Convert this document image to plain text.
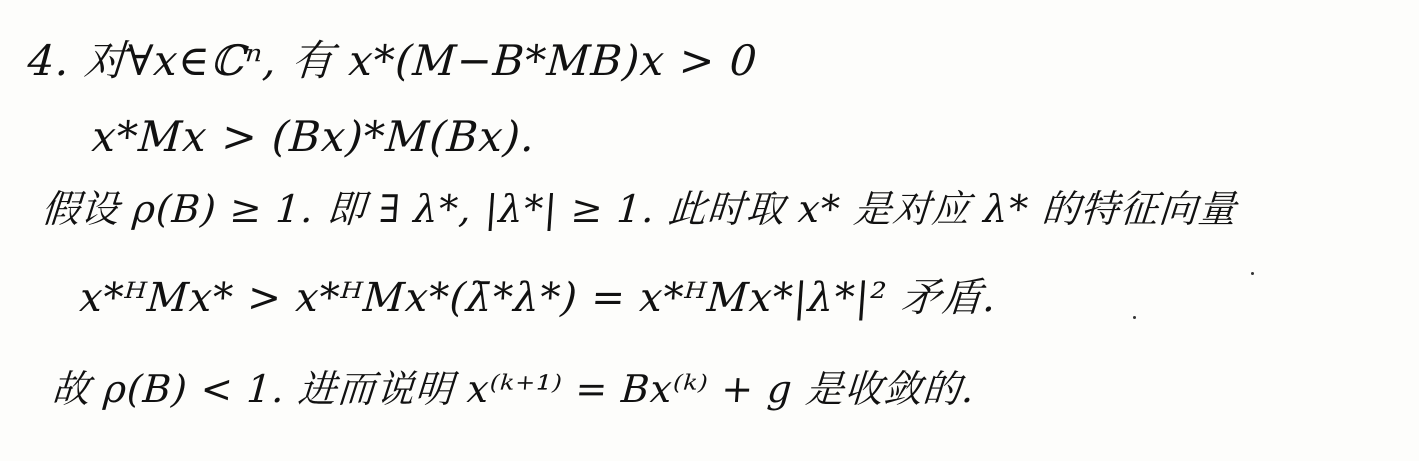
4. 对∀x∈ℂⁿ, 有 x*(M−B*MB)x > 0
x*Mx > (Bx)*M(Bx).
假设 ρ(B) ≥ 1. 即 ∃ λ*, |λ*| ≥ 1. 此时取 x* 是对应 λ* 的特征向量
x*ᴴMx* > x*ᴴMx*(λ̄*λ*) = x*ᴴMx*|λ*|² 矛盾.
故 ρ(B) < 1. 进而说明 x⁽ᵏ⁺¹⁾ = Bx⁽ᵏ⁾ + g 是收敛的.
